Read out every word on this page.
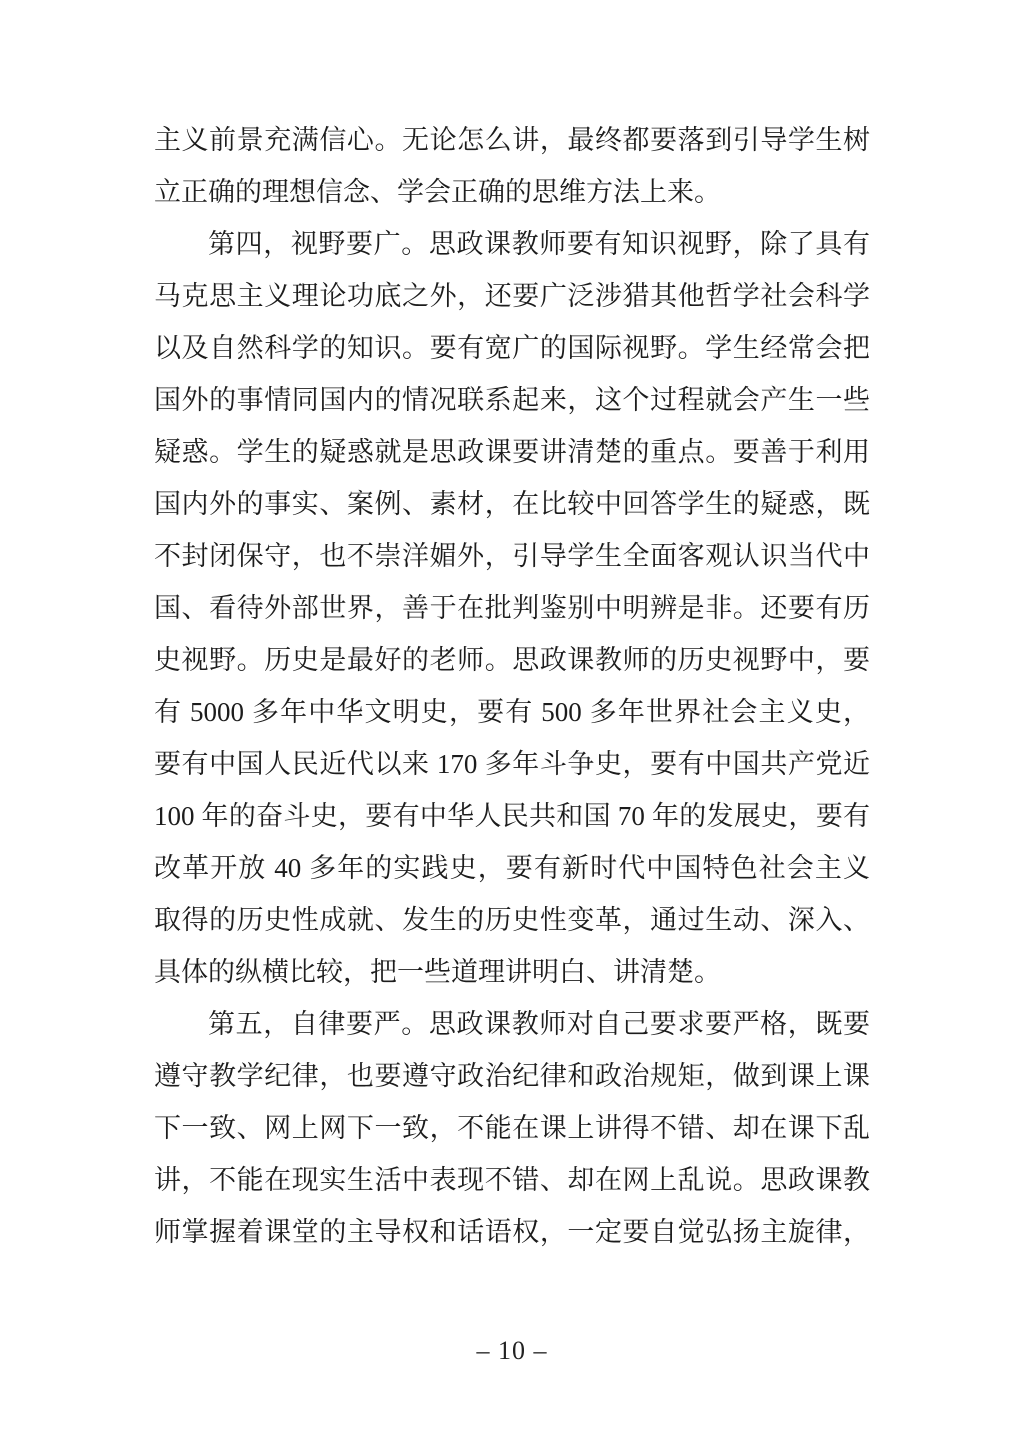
主义前景充满信心。无论怎么讲，最终都要落到引导学生树
立正确的理想信念、学会正确的思维方法上来。
第四，视野要广。思政课教师要有知识视野，除了具有
马克思主义理论功底之外，还要广泛涉猎其他哲学社会科学
以及自然科学的知识。要有宽广的国际视野。学生经常会把
国外的事情同国内的情况联系起来，这个过程就会产生一些
疑惑。学生的疑惑就是思政课要讲清楚的重点。要善于利用
国内外的事实、案例、素材，在比较中回答学生的疑惑，既
不封闭保守，也不崇洋媚外，引导学生全面客观认识当代中
国、看待外部世界，善于在批判鉴别中明辨是非。还要有历
史视野。历史是最好的老师。思政课教师的历史视野中，要
有 5000 多年中华文明史，要有 500 多年世界社会主义史，
要有中国人民近代以来 170 多年斗争史，要有中国共产党近
100 年的奋斗史，要有中华人民共和国 70 年的发展史，要有
改革开放 40 多年的实践史，要有新时代中国特色社会主义
取得的历史性成就、发生的历史性变革，通过生动、深入、
具体的纵横比较，把一些道理讲明白、讲清楚。
第五，自律要严。思政课教师对自己要求要严格，既要
遵守教学纪律，也要遵守政治纪律和政治规矩，做到课上课
下一致、网上网下一致，不能在课上讲得不错、却在课下乱
讲，不能在现实生活中表现不错、却在网上乱说。思政课教
师掌握着课堂的主导权和话语权，一定要自觉弘扬主旋律，
– 10 –
